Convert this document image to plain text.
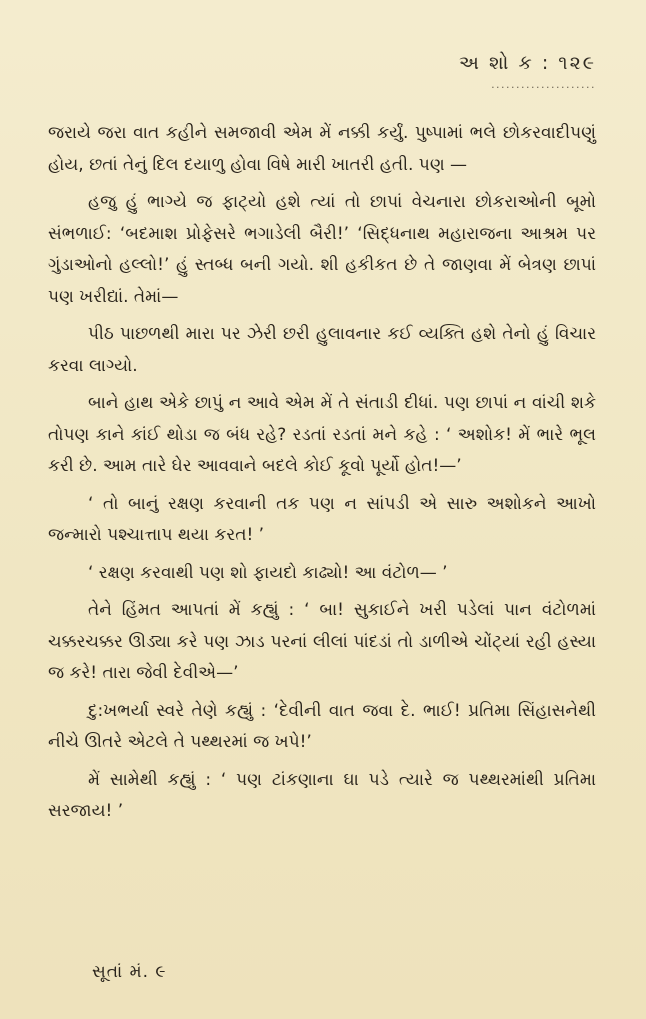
અ શો ક : ૧૨૯
.....................

જરાયે જરા વાત કહીને સમજાવી એમ મેં નક્કી કર્યું. પુષ્પામાં ભલે છોકરવાદીપણું હોય, છતાં તેનું દિલ દયાળુ હોવા વિષે મારી ખાતરી હતી. પણ —

હજુ હું ભાગ્યે જ ફાટ્યો હશે ત્યાં તો છાપાં વેચનારા છોકરાઓની બૂમો સંભળાઈ: ‘બદમાશ પ્રોફેસરે ભગાડેલી બૈરી!’ ‘સિદ્ધનાથ મહારાજના આશ્રમ પર ગુંડાઓનો હલ્લો!’ હું સ્તબ્ધ બની ગયો. શી હકીકત છે તે જાણવા મેં બેત્રણ છાપાં પણ ખરીદ્યાં. તેમાં—

પીઠ પાછળથી મારા પર ઝેરી છરી હુલાવનાર કઈ વ્યક્તિ હશે તેનો હું વિચાર કરવા લાગ્યો.

બાને હાથ એકે છાપું ન આવે એમ મેં તે સંતાડી દીધાં. પણ છાપાં ન વાંચી શકે તોપણ કાને કાંઈ થોડા જ બંધ રહે? રડતાં રડતાં મને કહે : ‘ અશોક! મેં ભારે ભૂલ કરી છે. આમ તારે ઘેર આવવાને બદલે કોઈ કૂવો પૂર્યો હોત!—’

‘ તો બાનું રક્ષણ કરવાની તક પણ ન સાંપડી એ સારુ અશોકને આખો જન્મારો પશ્ચાત્તાપ થયા કરત! ’

‘ રક્ષણ કરવાથી પણ શો ફાયદો કાઢ્યો! આ વંટોળ— ’

તેને હિંમત આપતાં મેં કહ્યું : ‘ બા! સુકાઈને ખરી પડેલાં પાન વંટોળમાં ચક્કરચક્કર ઊડ્યા કરે પણ ઝાડ પરનાં લીલાં પાંદડાં તો ડાળીએ ચોંટ્યાં રહી હસ્યા જ કરે! તારા જેવી દેવીએ—’

દુ:ખભર્યા સ્વરે તેણે કહ્યું : ‘દેવીની વાત જવા દે. ભાઈ! પ્રતિમા સિંહાસનેથી નીચે ઊતરે એટલે તે પથ્થરમાં જ ખપે!’

મેં સામેથી કહ્યું : ‘ પણ ટાંકણાના ઘા પડે ત્યારે જ પથ્થરમાંથી પ્રતિમા સરજાય! ’

સૂતાં મં. ૯
